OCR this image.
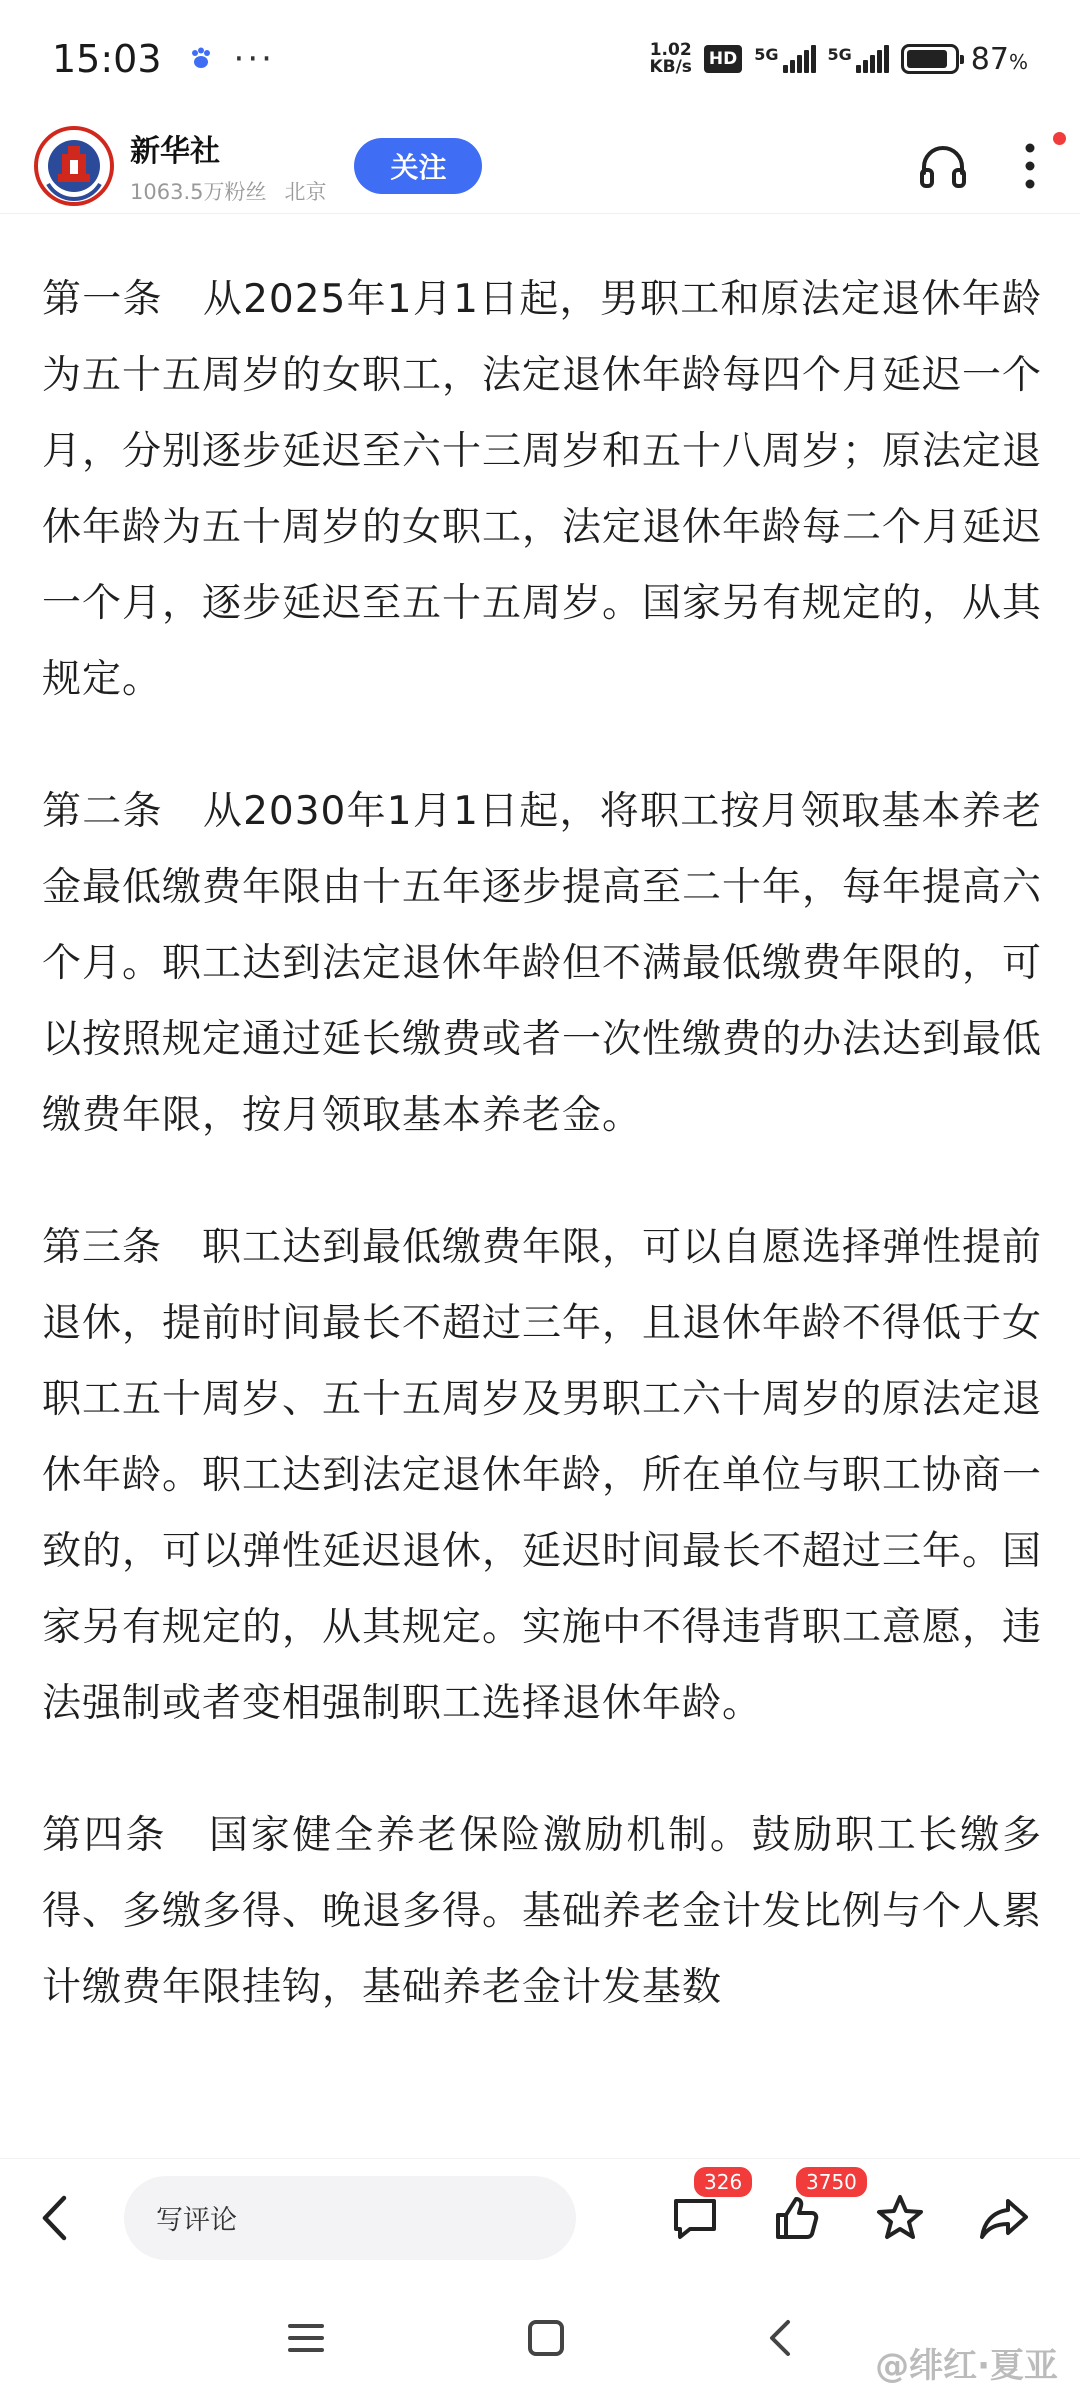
15:03 ···	1.02
KB/s HD	5G	5G	87%
新华社
1063.5万粉丝 北京
关注

第一条　从2025年1月1日起，男职工和原法定退休年龄为五十五周岁的女职工，法定退休年龄每四个月延迟一个月，分别逐步延迟至六十三周岁和五十八周岁；原法定退休年龄为五十周岁的女职工，法定退休年龄每二个月延迟一个月，逐步延迟至五十五周岁。国家另有规定的，从其规定。

第二条　从2030年1月1日起，将职工按月领取基本养老金最低缴费年限由十五年逐步提高至二十年，每年提高六个月。职工达到法定退休年龄但不满最低缴费年限的，可以按照规定通过延长缴费或者一次性缴费的办法达到最低缴费年限，按月领取基本养老金。

第三条　职工达到最低缴费年限，可以自愿选择弹性提前退休，提前时间最长不超过三年，且退休年龄不得低于女职工五十周岁、五十五周岁及男职工六十周岁的原法定退休年龄。职工达到法定退休年龄，所在单位与职工协商一致的，可以弹性延迟退休，延迟时间最长不超过三年。国家另有规定的，从其规定。实施中不得违背职工意愿，违法强制或者变相强制职工选择退休年龄。

第四条　国家健全养老保险激励机制。鼓励职工长缴多得、多缴多得、晚退多得。基础养老金计发比例与个人累计缴费年限挂钩，基础养老金计发基数

写评论
326	3750
@绯红·夏亚
